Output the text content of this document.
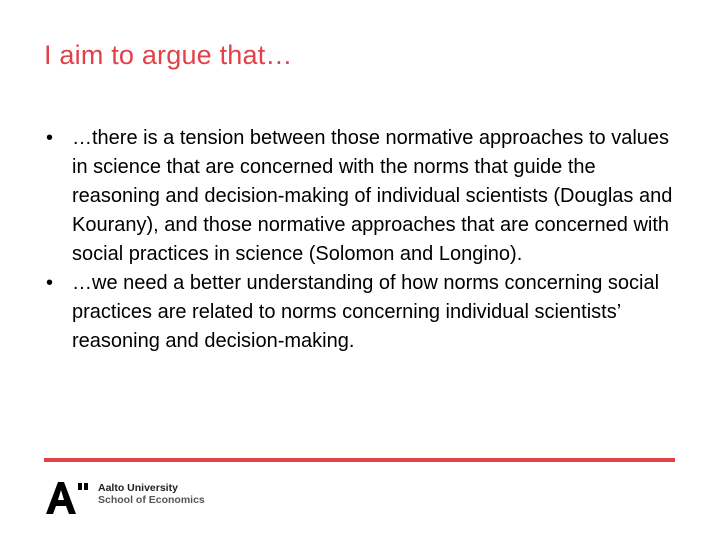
I aim to argue that…
• …there is a tension between those normative approaches to values in science that are concerned with the norms that guide the reasoning and decision-making of individual scientists (Douglas and Kourany), and those normative approaches that are concerned with social practices in science (Solomon and Longino).
• …we need a better understanding of how norms concerning social practices are related to norms concerning individual scientists’ reasoning and decision-making.
Aalto University
School of Economics
